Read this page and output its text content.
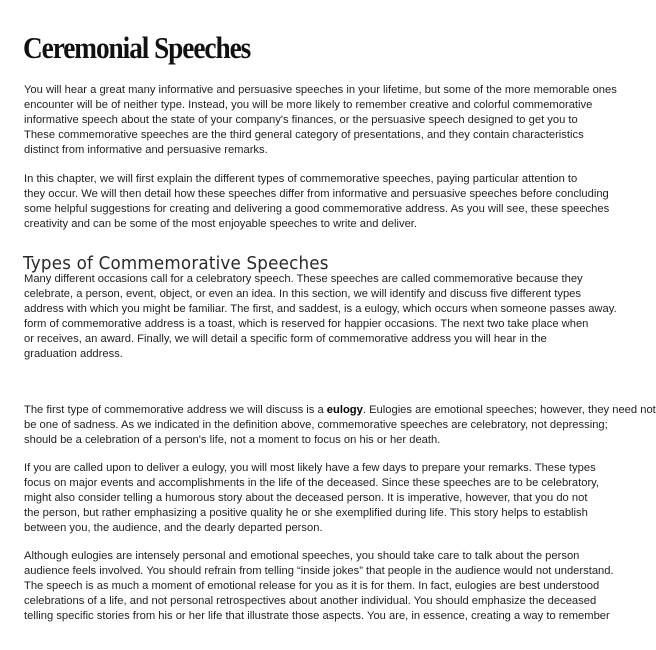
Ceremonial Speeches
You will hear a great many informative and persuasive speeches in your lifetime, but some of the more memorable ones
encounter will be of neither type. Instead, you will be more likely to remember creative and colorful commemorative
informative speech about the state of your company's finances, or the persuasive speech designed to get you to
These commemorative speeches are the third general category of presentations, and they contain characteristics
distinct from informative and persuasive remarks.
In this chapter, we will first explain the different types of commemorative speeches, paying particular attention to
they occur. We will then detail how these speeches differ from informative and persuasive speeches before concluding
some helpful suggestions for creating and delivering a good commemorative address. As you will see, these speeches
creativity and can be some of the most enjoyable speeches to write and deliver.
Types of Commemorative Speeches
Many different occasions call for a celebratory speech. These speeches are called commemorative because they
celebrate, a person, event, object, or even an idea. In this section, we will identify and discuss five different types
address with which you might be familiar. The first, and saddest, is a eulogy, which occurs when someone passes away.
form of commemorative address is a toast, which is reserved for happier occasions. The next two take place when
or receives, an award. Finally, we will detail a specific form of commemorative address you will hear in the
graduation address.
The first type of commemorative address we will discuss is a eulogy. Eulogies are emotional speeches; however, they need not
be one of sadness. As we indicated in the definition above, commemorative speeches are celebratory, not depressing;
should be a celebration of a person's life, not a moment to focus on his or her death.
If you are called upon to deliver a eulogy, you will most likely have a few days to prepare your remarks. These types
focus on major events and accomplishments in the life of the deceased. Since these speeches are to be celebratory,
might also consider telling a humorous story about the deceased person. It is imperative, however, that you do not
the person, but rather emphasizing a positive quality he or she exemplified during life. This story helps to establish
between you, the audience, and the dearly departed person.
Although eulogies are intensely personal and emotional speeches, you should take care to talk about the person
audience feels involved. You should refrain from telling “inside jokes” that people in the audience would not understand.
The speech is as much a moment of emotional release for you as it is for them. In fact, eulogies are best understood
celebrations of a life, and not personal retrospectives about another individual. You should emphasize the deceased
telling specific stories from his or her life that illustrate those aspects. You are, in essence, creating a way to remember
